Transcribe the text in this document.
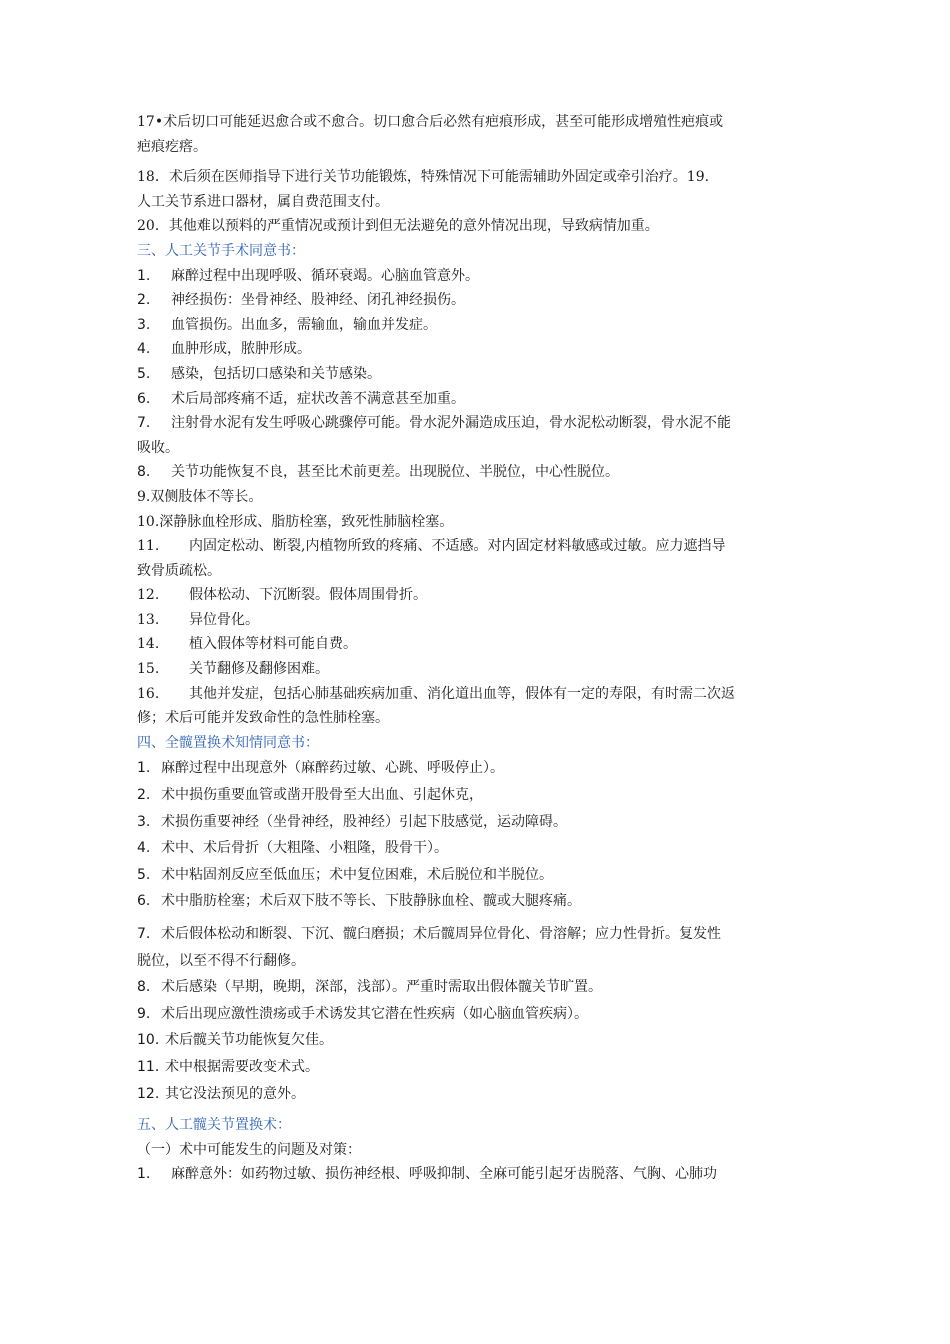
17•术后切口可能延迟愈合或不愈合。切口愈合后必然有疤痕形成，甚至可能形成增殖性疤痕或
疤痕疙瘩。
18．术后须在医师指导下进行关节功能锻炼，特殊情况下可能需辅助外固定或牵引治疗。19.
人工关节系进口器材，属自费范围支付。
20．其他难以预料的严重情况或预计到但无法避免的意外情况出现，导致病情加重。
三、人工关节手术同意书：
1. 麻醉过程中出现呼吸、循环衰竭。心脑血管意外。
2. 神经损伤：坐骨神经、股神经、闭孔神经损伤。
3. 血管损伤。出血多，需输血，输血并发症。
4. 血肿形成，脓肿形成。
5. 感染，包括切口感染和关节感染。
6. 术后局部疼痛不适，症状改善不满意甚至加重。
7. 注射骨水泥有发生呼吸心跳骤停可能。骨水泥外漏造成压迫，骨水泥松动断裂，骨水泥不能
吸收。
8. 关节功能恢复不良，甚至比术前更差。出现脱位、半脱位，中心性脱位。
9.双侧肢体不等长。
10.深静脉血栓形成、脂肪栓塞，致死性肺脑栓塞。
11. 内固定松动、断裂,内植物所致的疼痛、不适感。对内固定材料敏感或过敏。应力遮挡导
致骨质疏松。
12. 假体松动、下沉断裂。假体周围骨折。
13. 异位骨化。
14. 植入假体等材料可能自费。
15. 关节翻修及翻修困难。
16. 其他并发症，包括心肺基础疾病加重、消化道出血等，假体有一定的寿限，有时需二次返
修；术后可能并发致命性的急性肺栓塞。
四、全髋置换术知情同意书：
1. 麻醉过程中出现意外（麻醉药过敏、心跳、呼吸停止）。
2. 术中损伤重要血管或凿开股骨至大出血、引起休克，
3. 术损伤重要神经（坐骨神经，股神经）引起下肢感觉，运动障碍。
4. 术中、术后骨折（大粗隆、小粗隆，股骨干）。
5. 术中粘固剂反应至低血压；术中复位困难，术后脱位和半脱位。
6. 术中脂肪栓塞；术后双下肢不等长、下肢静脉血栓、髋或大腿疼痛。
7. 术后假体松动和断裂、下沉、髋臼磨损；术后髋周异位骨化、骨溶解；应力性骨折。复发性
脱位，以至不得不行翻修。
8. 术后感染（早期，晚期，深部，浅部）。严重时需取出假体髋关节旷置。
9. 术后出现应激性溃疡或手术诱发其它潜在性疾病（如心脑血管疾病）。
10. 术后髋关节功能恢复欠佳。
11. 术中根据需要改变术式。
12. 其它没法预见的意外。
五、人工髋关节置换术：
（一）术中可能发生的问题及对策：
1. 麻醉意外：如药物过敏、损伤神经根、呼吸抑制、全麻可能引起牙齿脱落、气胸、心肺功
